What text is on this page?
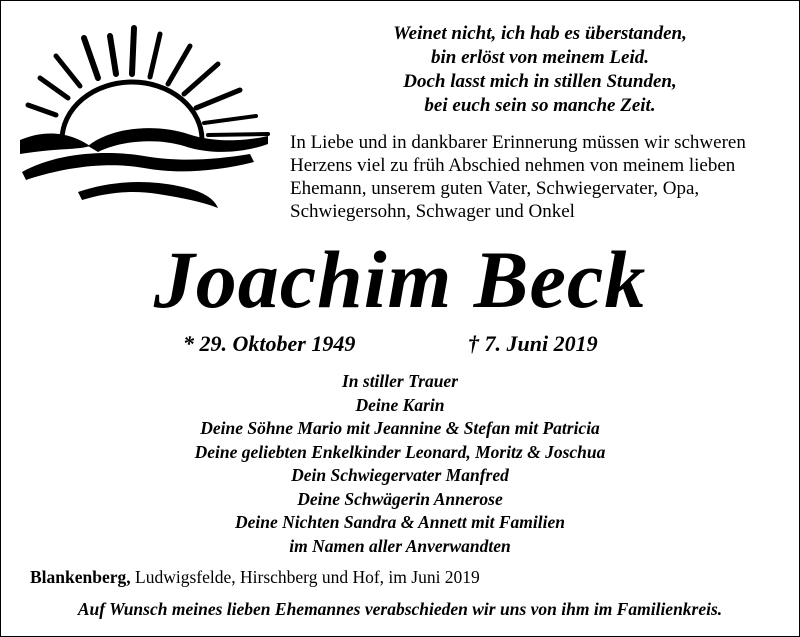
Weinet nicht, ich hab es überstanden,
bin erlöst von meinem Leid.
Doch lasst mich in stillen Stunden,
bei euch sein so manche Zeit.
In Liebe und in dankbarer Erinnerung müssen wir schweren
Herzens viel zu früh Abschied nehmen von meinem lieben
Ehemann, unserem guten Vater, Schwiegervater, Opa,
Schwiegersohn, Schwager und Onkel
Joachim Beck
* 29. Oktober 1949	† 7. Juni 2019
In stiller Trauer
Deine Karin
Deine Söhne Mario mit Jeannine & Stefan mit Patricia
Deine geliebten Enkelkinder Leonard, Moritz & Joschua
Dein Schwiegervater Manfred
Deine Schwägerin Annerose
Deine Nichten Sandra & Annett mit Familien
im Namen aller Anverwandten
Blankenberg, Ludwigsfelde, Hirschberg und Hof, im Juni 2019
Auf Wunsch meines lieben Ehemannes verabschieden wir uns von ihm im Familienkreis.
